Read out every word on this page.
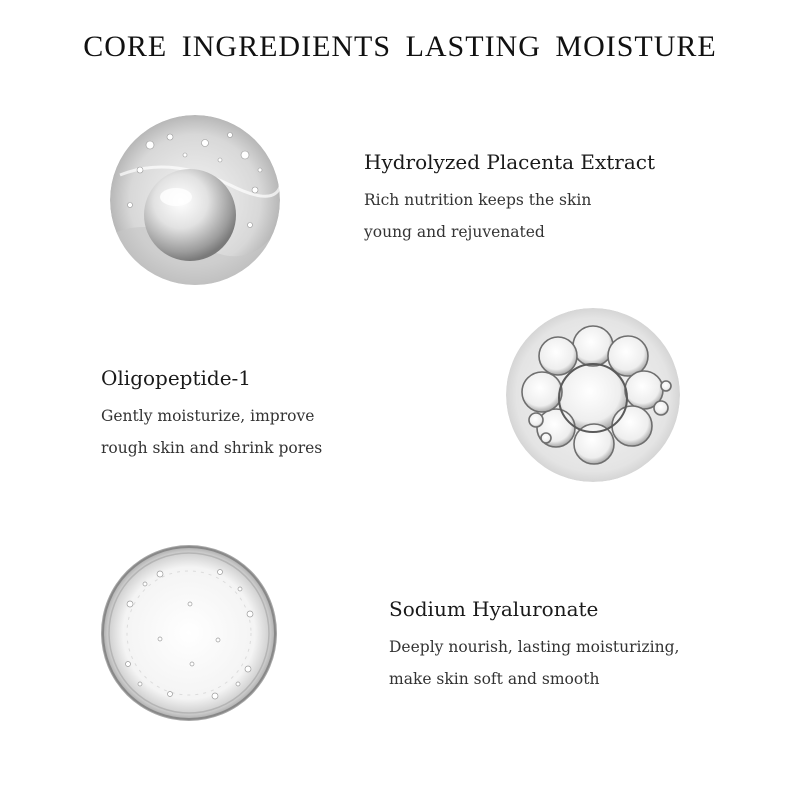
CORE INGREDIENTS LASTING MOISTURE
Hydrolyzed Placenta Extract

Rich nutrition keeps the skin
young and rejuvenated

Oligopeptide-1

Gently moisturize, improve
rough skin and shrink pores

Sodium Hyaluronate

Deeply nourish, lasting moisturizing,
make skin soft and smooth
